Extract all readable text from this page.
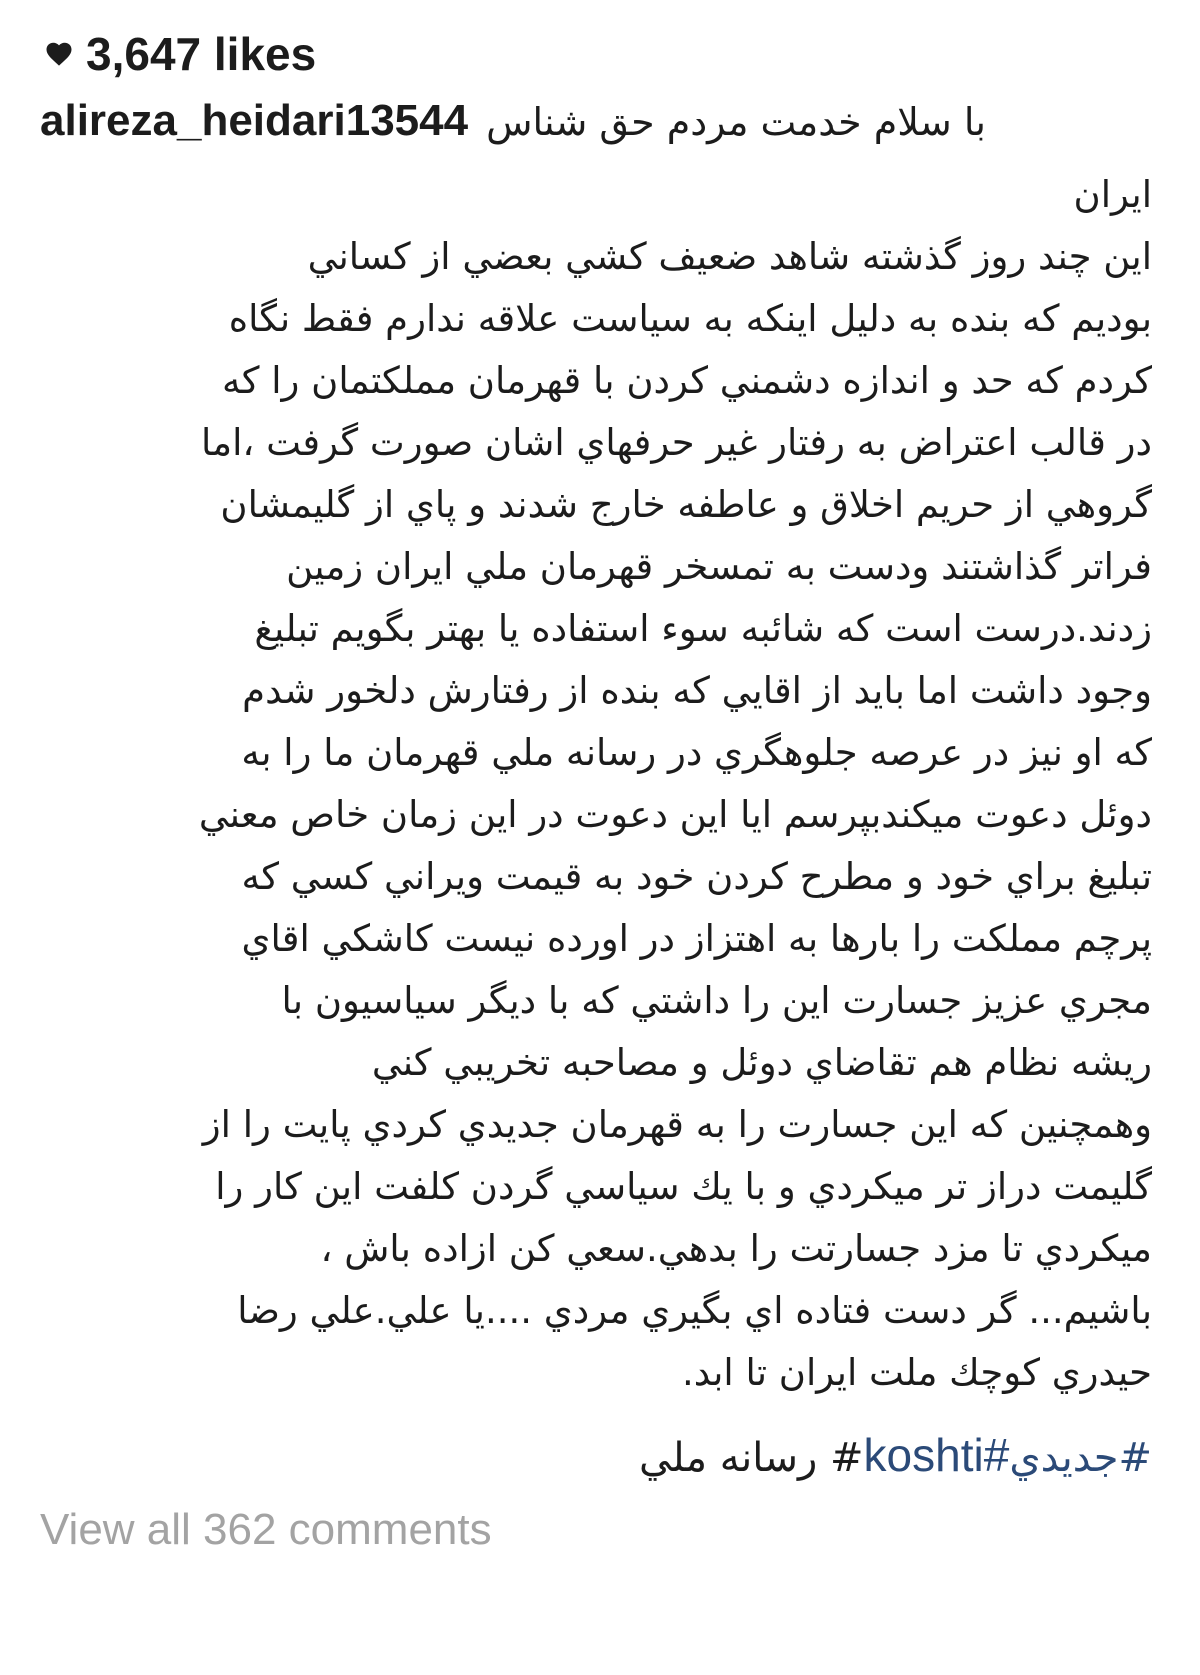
3,647 likes
alireza_heidari13544 با سلام خدمت مردم حق شناس
ایران
این چند روز گذشته شاهد ضعیف کشي بعضي از کساني
بوديم که بنده به دليل اينکه به سياست علاقه ندارم فقط نگاه
کردم که حد و اندازه دشمني کردن با قهرمان مملکتمان را که
در قالب اعتراض به رفتار غير حرفهاي اشان صورت گرفت ،اما
گروهي از حريم اخلاق و عاطفه خارج شدند و پاي از گليمشان
فراتر گذاشتند ودست به تمسخر قهرمان ملي ايران زمين
زدند.درست است که شائبه سوء استفاده يا بهتر بگويم تبليغ
وجود داشت اما بايد از اقايي که بنده از رفتارش دلخور شدم
که او نيز در عرصه جلوهگري در رسانه ملي قهرمان ما را به
دوئل دعوت ميکندبپرسم ايا اين دعوت در اين زمان خاص معني
تبليغ براي خود و مطرح کردن خود به قيمت ويراني کسي که
پرچم مملکت را بارها به اهتزاز در اورده نيست کاشکي اقاي
مجري عزيز جسارت اين را داشتي که با ديگر سياسيون با
ريشه نظام هم تقاضاي دوئل و مصاحبه تخريبي کني
وهمچنين که اين جسارت را به قهرمان جديدي کردي پايت را از
گليمت دراز تر ميکردي و با يك سياسي گردن کلفت اين کار را
ميکردي تا مزد جسارتت را بدهي.سعي کن ازاده باش ،
باشيم... گر دست فتاده اي بگيري مردي ....يا علي.علي رضا
حيدري کوچك ملت ايران تا ابد.
#جديدي#koshti# رسانه ملي
View all 362 comments
